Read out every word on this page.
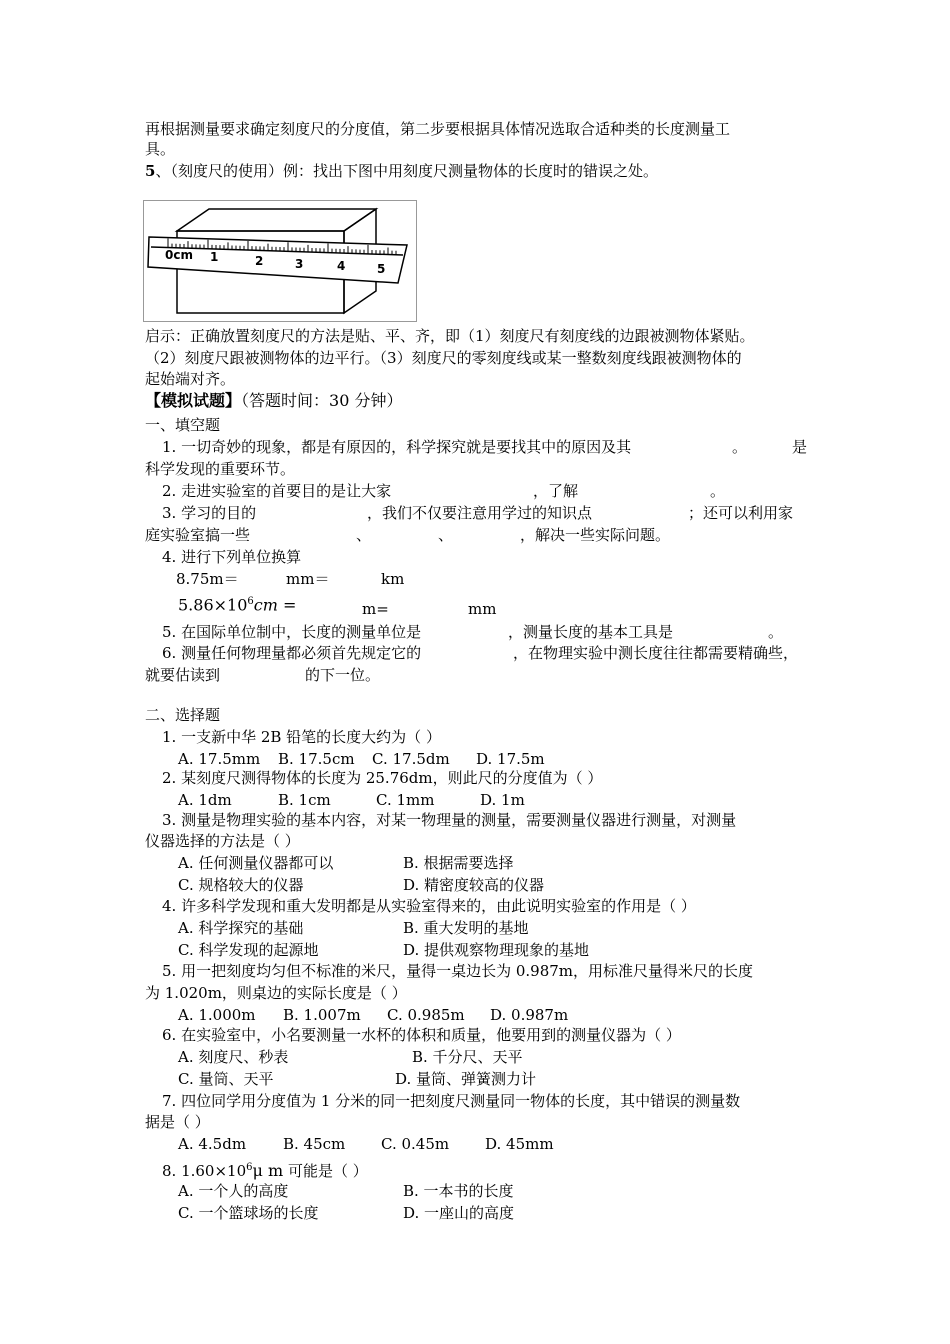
再根据测量要求确定刻度尺的分度值，第二步要根据具体情况选取合适种类的长度测量工
具。
5、（刻度尺的使用）例：找出下图中用刻度尺测量物体的长度时的错误之处。
0cm 1	2	3	4	5
启示：正确放置刻度尺的方法是贴、平、齐，即（1）刻度尺有刻度线的边跟被测物体紧贴。
（2）刻度尺跟被测物体的边平行。（3）刻度尺的零刻度线或某一整数刻度线跟被测物体的
起始端对齐。
【模拟试题】（答题时间：30 分钟）
一、填空题
1. 一切奇妙的现象，都是有原因的，科学探究就是要找其中的原因及其	。	是
科学发现的重要环节。
2. 走进实验室的首要目的是让大家	，了解	。
3. 学习的目的	，我们不仅要注意用学过的知识点	；还可以利用家
庭实验室搞一些	、	、	，解决一些实际问题。
4. 进行下列单位换算
8.75m＝	mm＝	km
$5.86\times 10^6cm$ =	m=	mm
5. 在国际单位制中，长度的测量单位是	，测量长度的基本工具是	。
6. 测量任何物理量都必须首先规定它的	，在物理实验中测长度往往都需要精确些，
就要估读到	的下一位。
二、选择题
1. 一支新中华 2B 铅笔的长度大约为（ ）
A. 17.5mm B. 17.5cm C. 17.5dm D. 17.5m
2. 某刻度尺测得物体的长度为 25.76dm，则此尺的分度值为（ ）
A. 1dm	B. 1cm	C. 1mm	D. 1m
3. 测量是物理实验的基本内容，对某一物理量的测量，需要测量仪器进行测量，对测量
仪器选择的方法是（ ）
A. 任何测量仪器都可以	B. 根据需要选择
C. 规格较大的仪器	D. 精密度较高的仪器
4. 许多科学发现和重大发明都是从实验室得来的，由此说明实验室的作用是（ ）
A. 科学探究的基础	B. 重大发明的基地
C. 科学发现的起源地	D. 提供观察物理现象的基地
5. 用一把刻度均匀但不标准的米尺，量得一桌边长为 0.987m，用标准尺量得米尺的长度
为 1.020m，则桌边的实际长度是（ ）
A. 1.000m B. 1.007m C. 0.985m D. 0.987m
6. 在实验室中，小名要测量一水杯的体积和质量，他要用到的测量仪器为（ ）
A. 刻度尺、秒表	B. 千分尺、天平
C. 量筒、天平	D. 量筒、弹簧测力计
7. 四位同学用分度值为 1 分米的同一把刻度尺测量同一物体的长度，其中错误的测量数
据是（ ）
A. 4.5dm B. 45cm C. 0.45m D. 45mm
8. $1.60\times 10^6\mu$ m 可能是（ ）
A. 一个人的高度	B. 一本书的长度
C. 一个篮球场的长度	D. 一座山的高度
